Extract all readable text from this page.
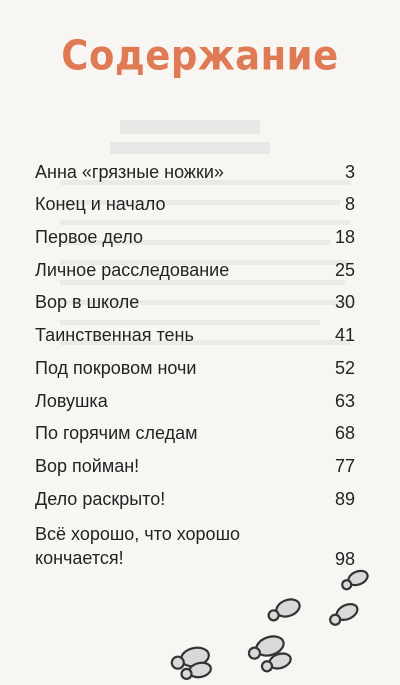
Содержание
Анна «грязные ножки»	3
Конец и начало	8
Первое дело	18
Личное расследование	25
Вор в школе	30
Таинственная тень	41
Под покровом ночи	52
Ловушка	63
По горячим следам	68
Вор пойман!	77
Дело раскрыто!	89
Всё хорошо, что хорошо
кончается!	98
